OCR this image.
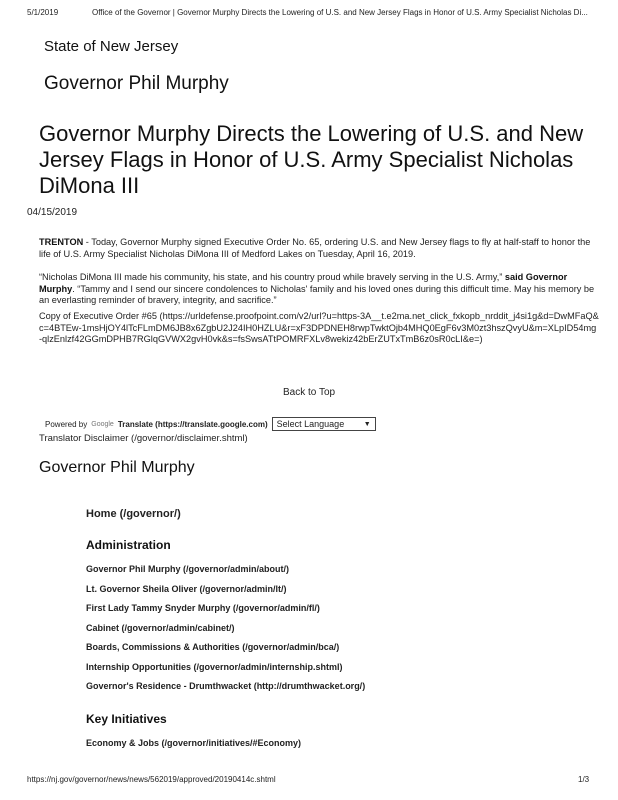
5/1/2019	Office of the Governor | Governor Murphy Directs the Lowering of U.S. and New Jersey Flags in Honor of U.S. Army Specialist Nicholas Di...
State of New Jersey
Governor Phil Murphy
Governor Murphy Directs the Lowering of U.S. and New Jersey Flags in Honor of U.S. Army Specialist Nicholas DiMona III
04/15/2019

TRENTON - Today, Governor Murphy signed Executive Order No. 65, ordering U.S. and New Jersey flags to fly at half-staff to honor the life of U.S. Army Specialist Nicholas DiMona III of Medford Lakes on Tuesday, April 16, 2019.

“Nicholas DiMona III made his community, his state, and his country proud while bravely serving in the U.S. Army,” said Governor Murphy. “Tammy and I send our sincere condolences to Nicholas' family and his loved ones during this difficult time. May his memory be an everlasting reminder of bravery, integrity, and sacrifice.”

Copy of Executive Order #65 (https://urldefense.proofpoint.com/v2/url?u=https-3A__t.e2ma.net_click_fxkopb_nrddit_j4si1g&d=DwMFaQ&c=4BTEw-1msHjOY4lTcFLmDM6JB8x6ZgbU2J24IH0HZLU&r=xF3DPDNEH8rwpTwktOjb4MHQ0EgF6v3M0zt3hszQvyU&m=XLpID54mg-qlzEnlzf42GGmDPHB7RGlqGVWX2gvH0vk&s=fsSwsATtPOMRFXLv8wekiz42bErZUTxTmB6z0sR0cLI&e=)

Back to Top
Powered by Google Translate (https://translate.google.com) Select Language	▼
Translator Disclaimer (/governor/disclaimer.shtml)
Governor Phil Murphy
Home (/governor/)
Administration
Governor Phil Murphy (/governor/admin/about/)
Lt. Governor Sheila Oliver (/governor/admin/lt/)
First Lady Tammy Snyder Murphy (/governor/admin/fl/)
Cabinet (/governor/admin/cabinet/)
Boards, Commissions & Authorities (/governor/admin/bca/)
Internship Opportunities (/governor/admin/internship.shtml)
Governor's Residence - Drumthwacket (http://drumthwacket.org/)
Key Initiatives
Economy & Jobs (/governor/initiatives/#Economy)
https://nj.gov/governor/news/news/562019/approved/20190414c.shtml	1/3
